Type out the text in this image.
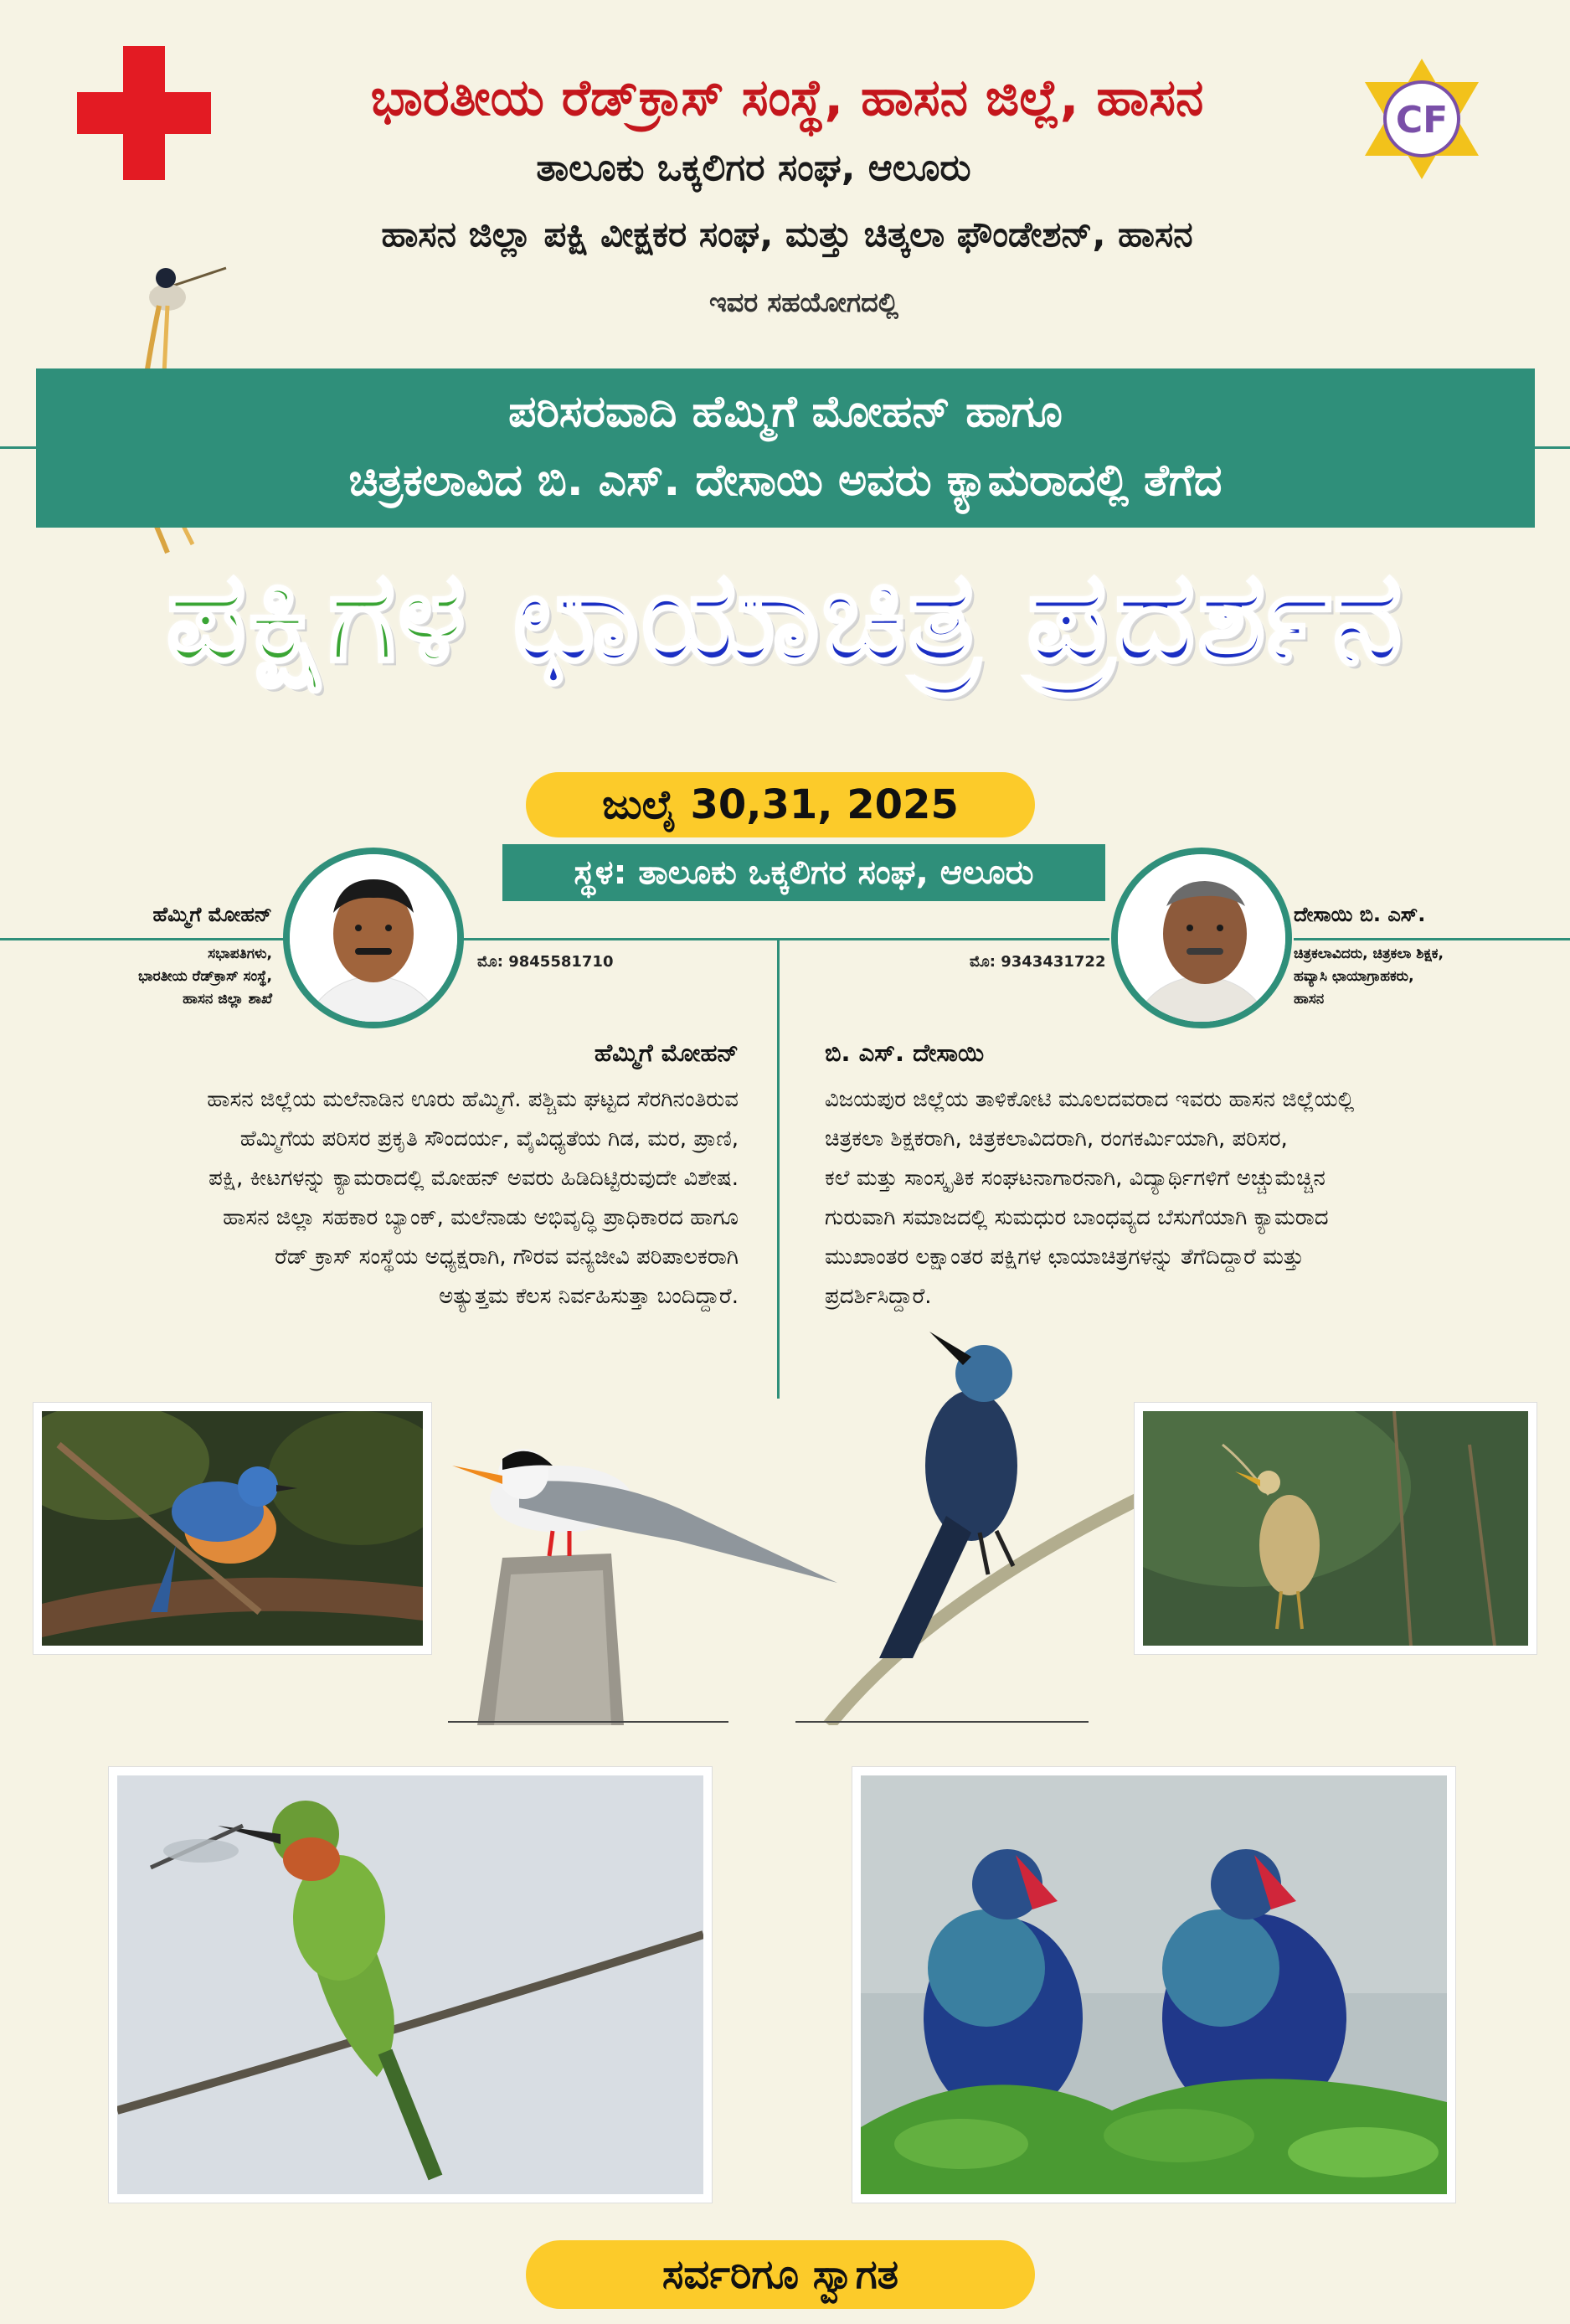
ಭಾರತೀಯ ರೆಡ್‌ಕ್ರಾಸ್ ಸಂಸ್ಥೆ, ಹಾಸನ ಜಿಲ್ಲೆ, ಹಾಸನ
ತಾಲೂಕು ಒಕ್ಕಲಿಗರ ಸಂಘ, ಆಲೂರು
ಹಾಸನ ಜಿಲ್ಲಾ ಪಕ್ಷಿ ವೀಕ್ಷಕರ ಸಂಘ, ಮತ್ತು ಚಿತ್ಕಲಾ ಫೌಂಡೇಶನ್, ಹಾಸನ
ಇವರ ಸಹಯೋಗದಲ್ಲಿ
CF
ಪರಿಸರವಾದಿ ಹೆಮ್ಮಿಗೆ ಮೋಹನ್ ಹಾಗೂ
ಚಿತ್ರಕಲಾವಿದ ಬಿ. ಎಸ್. ದೇಸಾಯಿ ಅವರು ಕ್ಯಾಮರಾದಲ್ಲಿ ತೆಗೆದ
ಪಕ್ಷಿಗಳ ಛಾಯಾಚಿತ್ರ ಪ್ರದರ್ಶನ
ಜುಲೈ 30,31, 2025
ಸ್ಥಳ: ತಾಲೂಕು ಒಕ್ಕಲಿಗರ ಸಂಘ, ಆಲೂರು
ಹೆಮ್ಮಿಗೆ ಮೋಹನ್
ಸಭಾಪತಿಗಳು,
ಭಾರತೀಯ ರೆಡ್‌ಕ್ರಾಸ್ ಸಂಸ್ಥೆ,
ಹಾಸನ ಜಿಲ್ಲಾ ಶಾಖೆ
ಮೊ: 9845581710
ದೇಸಾಯಿ ಬಿ. ಎಸ್.
ಚಿತ್ರಕಲಾವಿದರು, ಚಿತ್ರಕಲಾ ಶಿಕ್ಷಕ,
ಹವ್ಯಾಸಿ ಛಾಯಾಗ್ರಾಹಕರು,
ಹಾಸನ
ಮೊ: 9343431722
ಹೆಮ್ಮಿಗೆ ಮೋಹನ್
ಹಾಸನ ಜಿಲ್ಲೆಯ ಮಲೆನಾಡಿನ ಊರು ಹೆಮ್ಮಿಗೆ. ಪಶ್ಚಿಮ ಘಟ್ಟದ ಸೆರಗಿನಂತಿರುವ
ಹೆಮ್ಮಿಗೆಯ ಪರಿಸರ ಪ್ರಕೃತಿ ಸೌಂದರ್ಯ, ವೈವಿಧ್ಯತೆಯ ಗಿಡ, ಮರ, ಪ್ರಾಣಿ,
ಪಕ್ಷಿ, ಕೀಟಗಳನ್ನು ಕ್ಯಾಮರಾದಲ್ಲಿ ಮೋಹನ್ ಅವರು ಹಿಡಿದಿಟ್ಟಿರುವುದೇ ವಿಶೇಷ.
ಹಾಸನ ಜಿಲ್ಲಾ ಸಹಕಾರ ಬ್ಯಾಂಕ್, ಮಲೆನಾಡು ಅಭಿವೃದ್ಧಿ ಪ್ರಾಧಿಕಾರದ ಹಾಗೂ
ರೆಡ್ ಕ್ರಾಸ್ ಸಂಸ್ಥೆಯ ಅಧ್ಯಕ್ಷರಾಗಿ, ಗೌರವ ವನ್ಯಜೀವಿ ಪರಿಪಾಲಕರಾಗಿ
ಅತ್ಯುತ್ತಮ ಕೆಲಸ ನಿರ್ವಹಿಸುತ್ತಾ ಬಂದಿದ್ದಾರೆ.
ಬಿ. ಎಸ್. ದೇಸಾಯಿ
ವಿಜಯಪುರ ಜಿಲ್ಲೆಯ ತಾಳಿಕೋಟಿ ಮೂಲದವರಾದ ಇವರು ಹಾಸನ ಜಿಲ್ಲೆಯಲ್ಲಿ
ಚಿತ್ರಕಲಾ ಶಿಕ್ಷಕರಾಗಿ, ಚಿತ್ರಕಲಾವಿದರಾಗಿ, ರಂಗಕರ್ಮಿಯಾಗಿ, ಪರಿಸರ,
ಕಲೆ ಮತ್ತು ಸಾಂಸ್ಕೃತಿಕ ಸಂಘಟನಾಗಾರನಾಗಿ, ವಿದ್ಯಾರ್ಥಿಗಳಿಗೆ ಅಚ್ಚುಮೆಚ್ಚಿನ
ಗುರುವಾಗಿ ಸಮಾಜದಲ್ಲಿ ಸುಮಧುರ ಬಾಂಧವ್ಯದ ಬೆಸುಗೆಯಾಗಿ ಕ್ಯಾಮರಾದ
ಮುಖಾಂತರ ಲಕ್ಷಾಂತರ ಪಕ್ಷಿಗಳ ಛಾಯಾಚಿತ್ರಗಳನ್ನು ತೆಗೆದಿದ್ದಾರೆ ಮತ್ತು
ಪ್ರದರ್ಶಿಸಿದ್ದಾರೆ.
ಸರ್ವರಿಗೂ ಸ್ವಾಗತ
